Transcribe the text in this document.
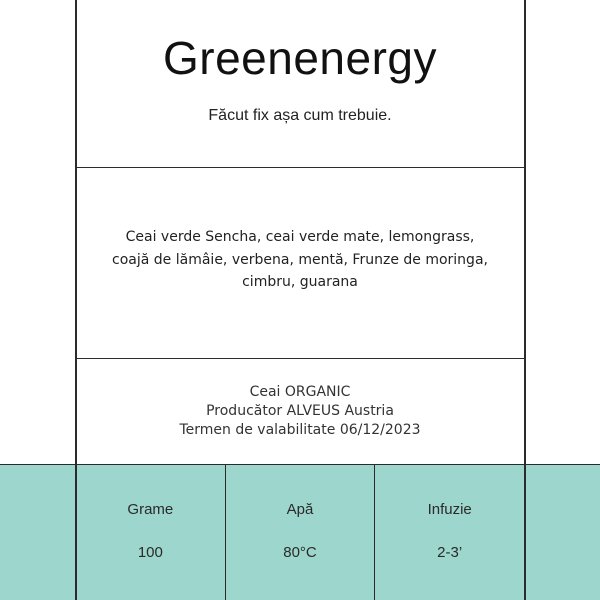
Greenenergy
Făcut fix așa cum trebuie.
Ceai verde Sencha, ceai verde mate, lemongrass, coajă de lămâie, verbena, mentă, Frunze de moringa, cimbru, guarana
Ceai ORGANIC
Producător ALVEUS Austria
Termen de valabilitate 06/12/2023
Grame
100
Apă
80°C
Infuzie
2-3’
